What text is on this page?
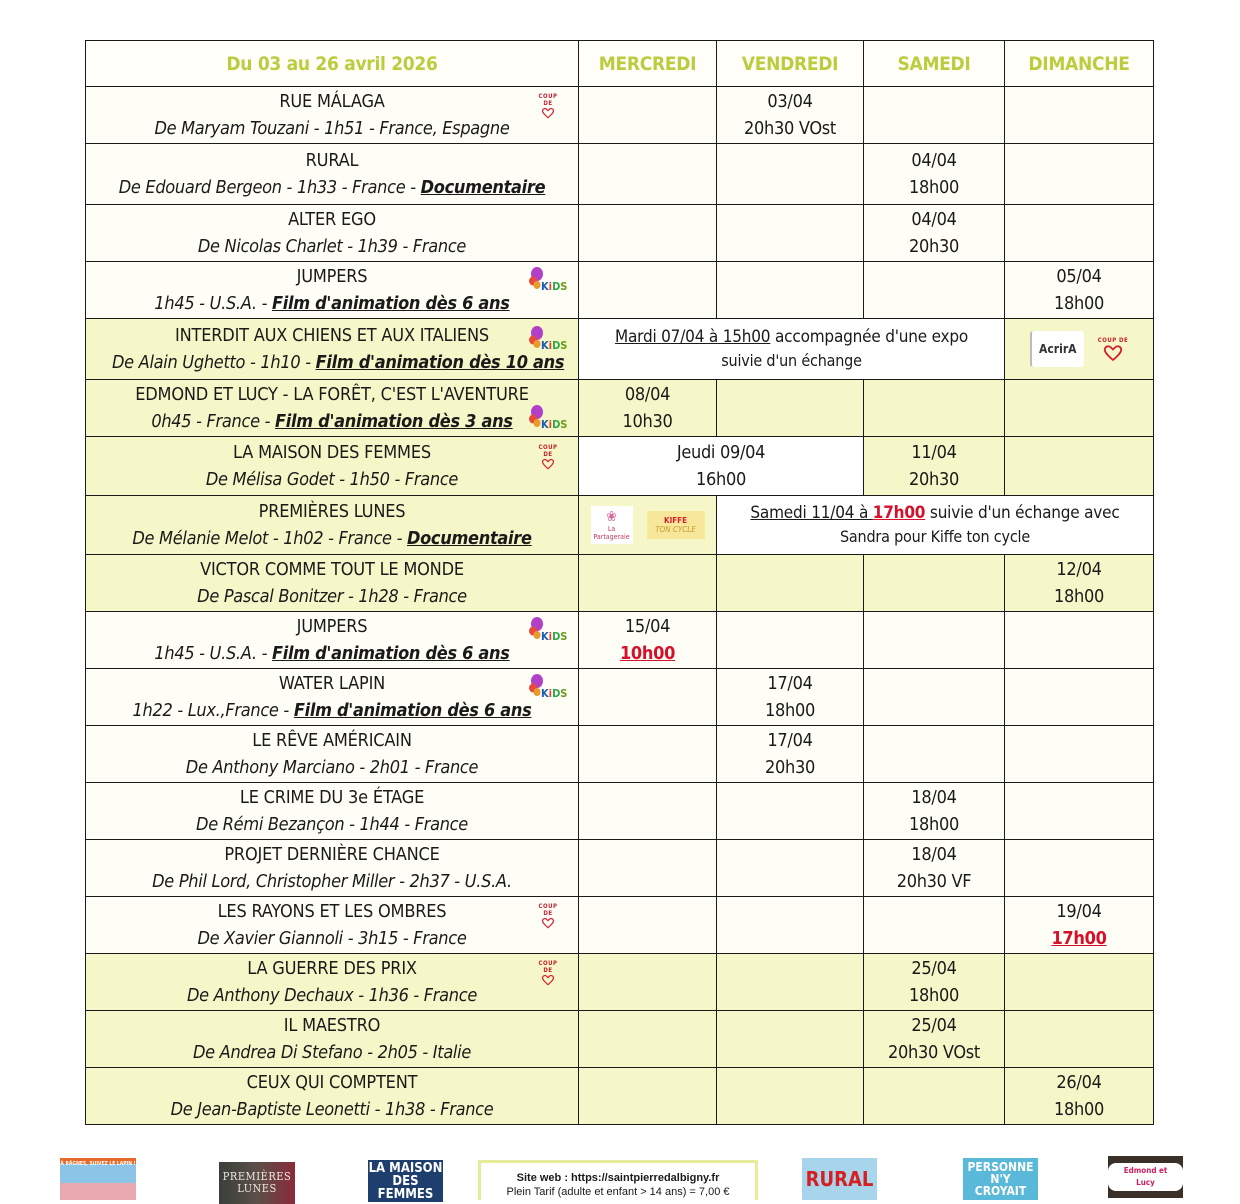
Du 03 au 26 avril 2026	MERCREDI	VENDREDI	SAMEDI	DIMANCHE

RUE MÁLAGA
De Maryam Touzani - 1h51 - France, Espagne
COUP DE		03/04
20h30 VOst

RURAL
De Edouard Bergeon - 1h33 - France - Documentaire

04/04
18h00

ALTER EGO
De Nicolas Charlet - 1h39 - France

04/04
20h30

JUMPERS
1h45 - U.S.A. - Film d'animation dès 6 ans
KiDS				05/04
18h00

INTERDIT AUX CHIENS ET AUX ITALIENS
De Alain Ughetto - 1h10 - Film d'animation dès 10 ans
KiDS	Mardi 07/04 à 15h00 accompagnée d'une expo
suivie d'un échange
	AcrirA
COUP DE

EDMOND ET LUCY - LA FORÊT, C'EST L'AVENTURE
0h45 - France - Film d'animation dès 3 ans	KiDS

08/04
10h30

LA MAISON DES FEMMES
De Mélisa Godet - 1h50 - France
COUP DE	Jeudi 09/04
16h00

11/04
20h30

PREMIÈRES LUNES
De Mélanie Melot - 1h02 - France - Documentaire

❀
La Partageraie
KIFFE
TON CYCLE

Samedi 11/04 à 17h00 suivie d'un échange avec
Sandra pour Kiffe ton cycle

VICTOR COMME TOUT LE MONDE
De Pascal Bonitzer - 1h28 - France

12/04
18h00

JUMPERS
1h45 - U.S.A. - Film d'animation dès 6 ans
KiDS	15/04
10h00

WATER LAPIN
1h22 - Lux.,France - Film d'animation dès 6 ans
KiDS		17/04
18h00

LE RÊVE AMÉRICAIN
De Anthony Marciano - 2h01 - France

17/04
20h30

LE CRIME DU 3e ÉTAGE
De Rémi Bezançon - 1h44 - France

18/04
18h00

PROJET DERNIÈRE CHANCE
De Phil Lord, Christopher Miller - 2h37 - U.S.A.

18/04
20h30 VF

LES RAYONS ET LES OMBRES
De Xavier Giannoli - 3h15 - France
COUP DE				19/04
17h00

LA GUERRE DES PRIX
De Anthony Dechaux - 1h36 - France
COUP DE			25/04
18h00

IL MAESTRO
De Andrea Di Stefano - 2h05 - Italie

25/04
20h30 VOst

CEUX QUI COMPTENT
De Jean-Baptiste Leonetti - 1h38 - France

26/04
18h00
À RÂGNES, SUIVEZ LE LAPIN !
PREMIÈRES LUNES
LA MAISON DES FEMMES
Site web : https://saintpierredalbigny.fr
Plein Tarif (adulte et enfant > 14 ans) = 7,00 €
RURAL	PERSONNE N'Y CROYAIT
Edmond et Lucy
